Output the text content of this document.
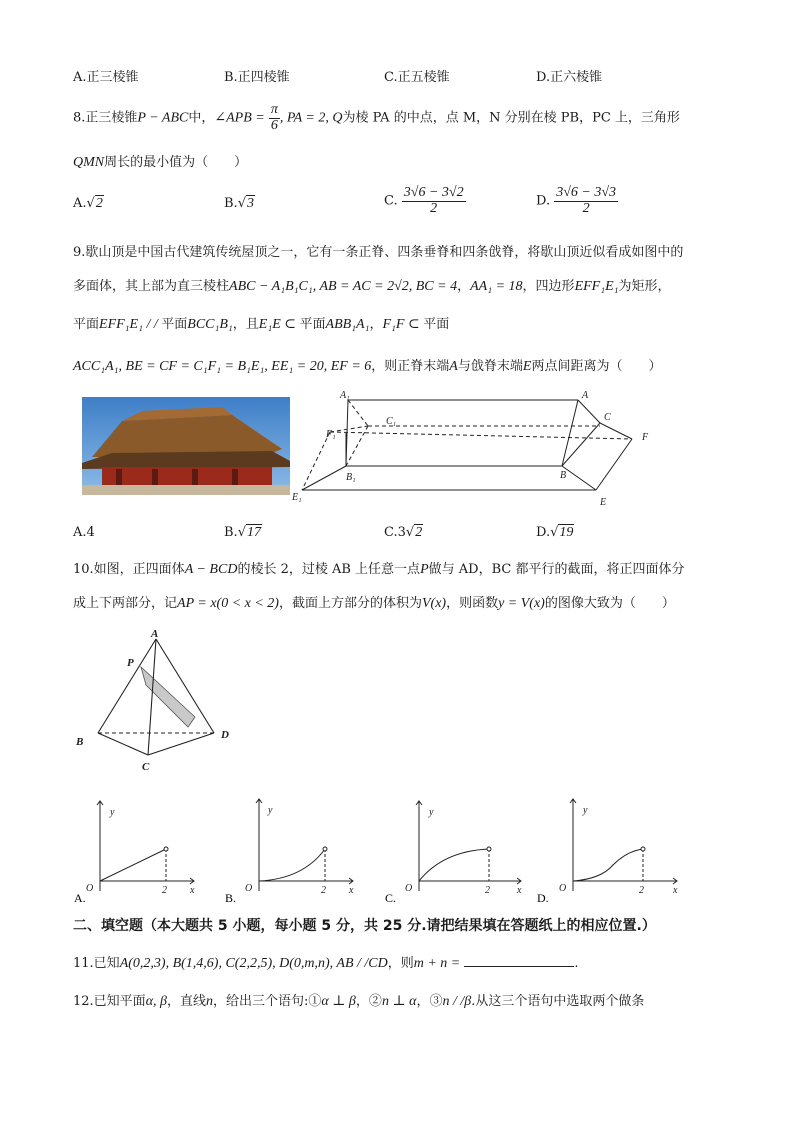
A.正三棱锥	B.正四棱锥	C.正五棱锥	D.正六棱锥
8.正三棱锥P − ABC中，∠APB = $\frac{\pi}{6}$ , PA = 2, Q为棱 PA 的中点，点 M，N 分别在棱 PB，PC 上，三角形
QMN周长的最小值为（　　）
A.√2	B.√3	C. $\frac{3√6 - 3√2}{2}$	D. $\frac{3√6 - 3√3}{2}$
9.歇山顶是中国古代建筑传统屋顶之一，它有一条正脊、四条垂脊和四条戗脊，将歇山顶近似看成如图中的
多面体，其上部为直三棱柱ABC − A₁B₁C₁, AB = AC = 2√2, BC = 4，AA₁ = 18，四边形EFF₁E₁为矩形，
平面EFF₁E₁ / / 平面BCC₁B₁，且E₁E ⊂ 平面ABB₁A₁，F₁F ⊂ 平面
ACC₁A₁, BE = CF = C₁F₁ = B₁E₁, EE₁ = 20, EF = 6，则正脊末端A与戗脊末端E两点间距离为（　　）
A₁
C₁
F₁
B₁
E₁
A
C
F
B
E
A.4	B.√17	C.3√2	D.√19
10.如图，正四面体A − BCD的棱长 2，过棱 AB 上任意一点P做与 AD，BC 都平行的截面，将正四面体分
成上下两部分，记AP = x(0 < x < 2)，截面上方部分的体积为V(x)，则函数y = V(x)的图像大致为（　　）
A
P
B
C
D
y
x
O	2
A.
y
x
O	2
B.
y
x
O	2
C.
y
x
O	2
D.
二、填空题（本大题共 5 小题，每小题 5 分，共 25 分.请把结果填在答题纸上的相应位置.）
11.已知A(0,2,3), B(1,4,6), C(2,2,5), D(0,m,n), AB / /CD，则m + n =	.
12.已知平面α, β，直线n，给出三个语句:①α ⊥ β，②n ⊥ α，③n / /β.从这三个语句中选取两个做条
